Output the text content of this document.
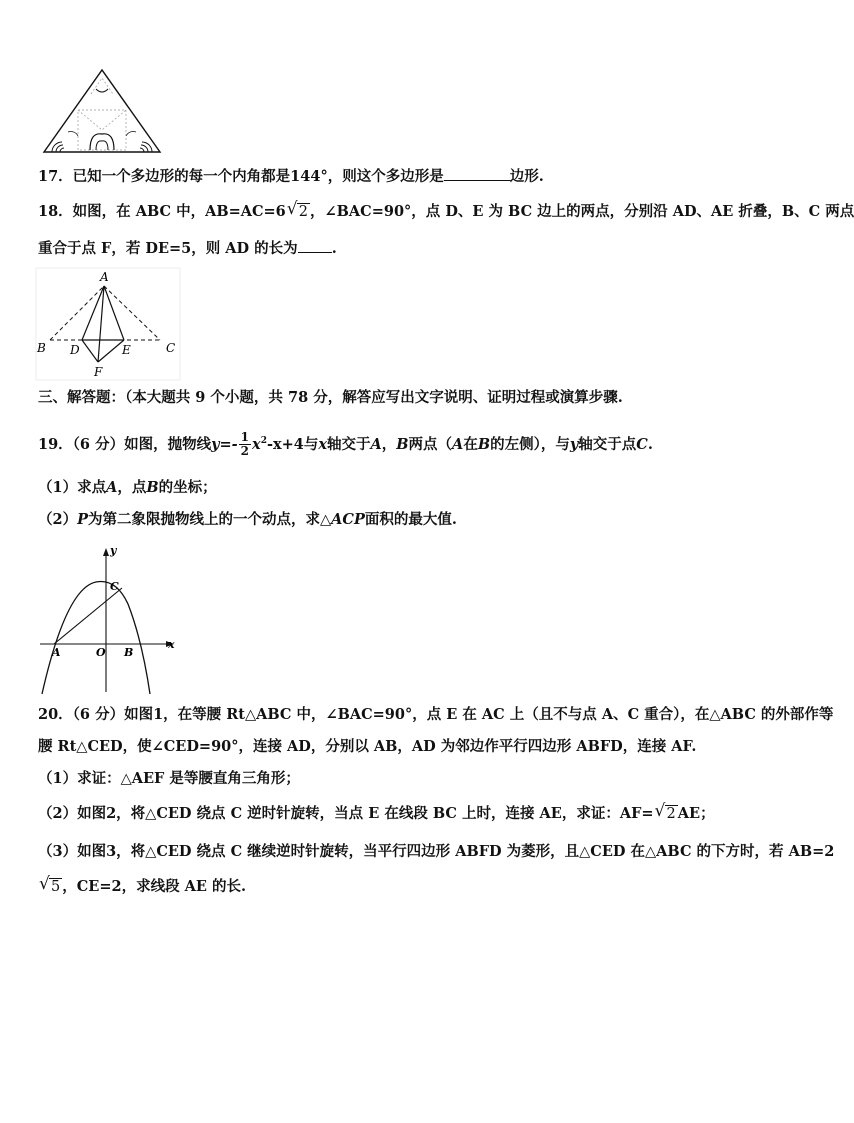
17．已知一个多边形的每一个内角都是144°，则这个多边形是	边形.
18．如图，在 ABC 中，AB=AC=6 √ 2 ，∠BAC=90°，点 D、E 为 BC 边上的两点，分别沿 AD、AE 折叠，B、C 两点
重合于点 F，若 DE=5，则 AD 的长为 .
A
B	C
D	E
F
三、解答题：（本大题共 9 个小题，共 78 分，解答应写出文字说明、证明过程或演算步骤.
19．（6 分）如图，抛物线$y=- \frac{1}{2} x^2-x+4$与x轴交于A，B两点（A在B的左侧），与y轴交于点C.
（1）求点A，点B的坐标；
（2）P为第二象限抛物线上的一个动点，求△ACP面积的最大值.
y
x
C
A	O B
20．（6 分）如图1，在等腰 Rt△ABC 中，∠BAC=90°，点 E 在 AC 上（且不与点 A、C 重合），在△ABC 的外部作等
腰 Rt△CED，使∠CED=90°，连接 AD，分别以 AB，AD 为邻边作平行四边形 ABFD，连接 AF.
（1）求证：△AEF 是等腰直角三角形；
（2）如图2，将△CED 绕点 C 逆时针旋转，当点 E 在线段 BC 上时，连接 AE，求证：AF= √ 2 AE；
（3）如图3，将△CED 绕点 C 继续逆时针旋转，当平行四边形 ABFD 为菱形，且△CED 在△ABC 的下方时，若 AB=2
√ 5 ，CE=2，求线段 AE 的长.
